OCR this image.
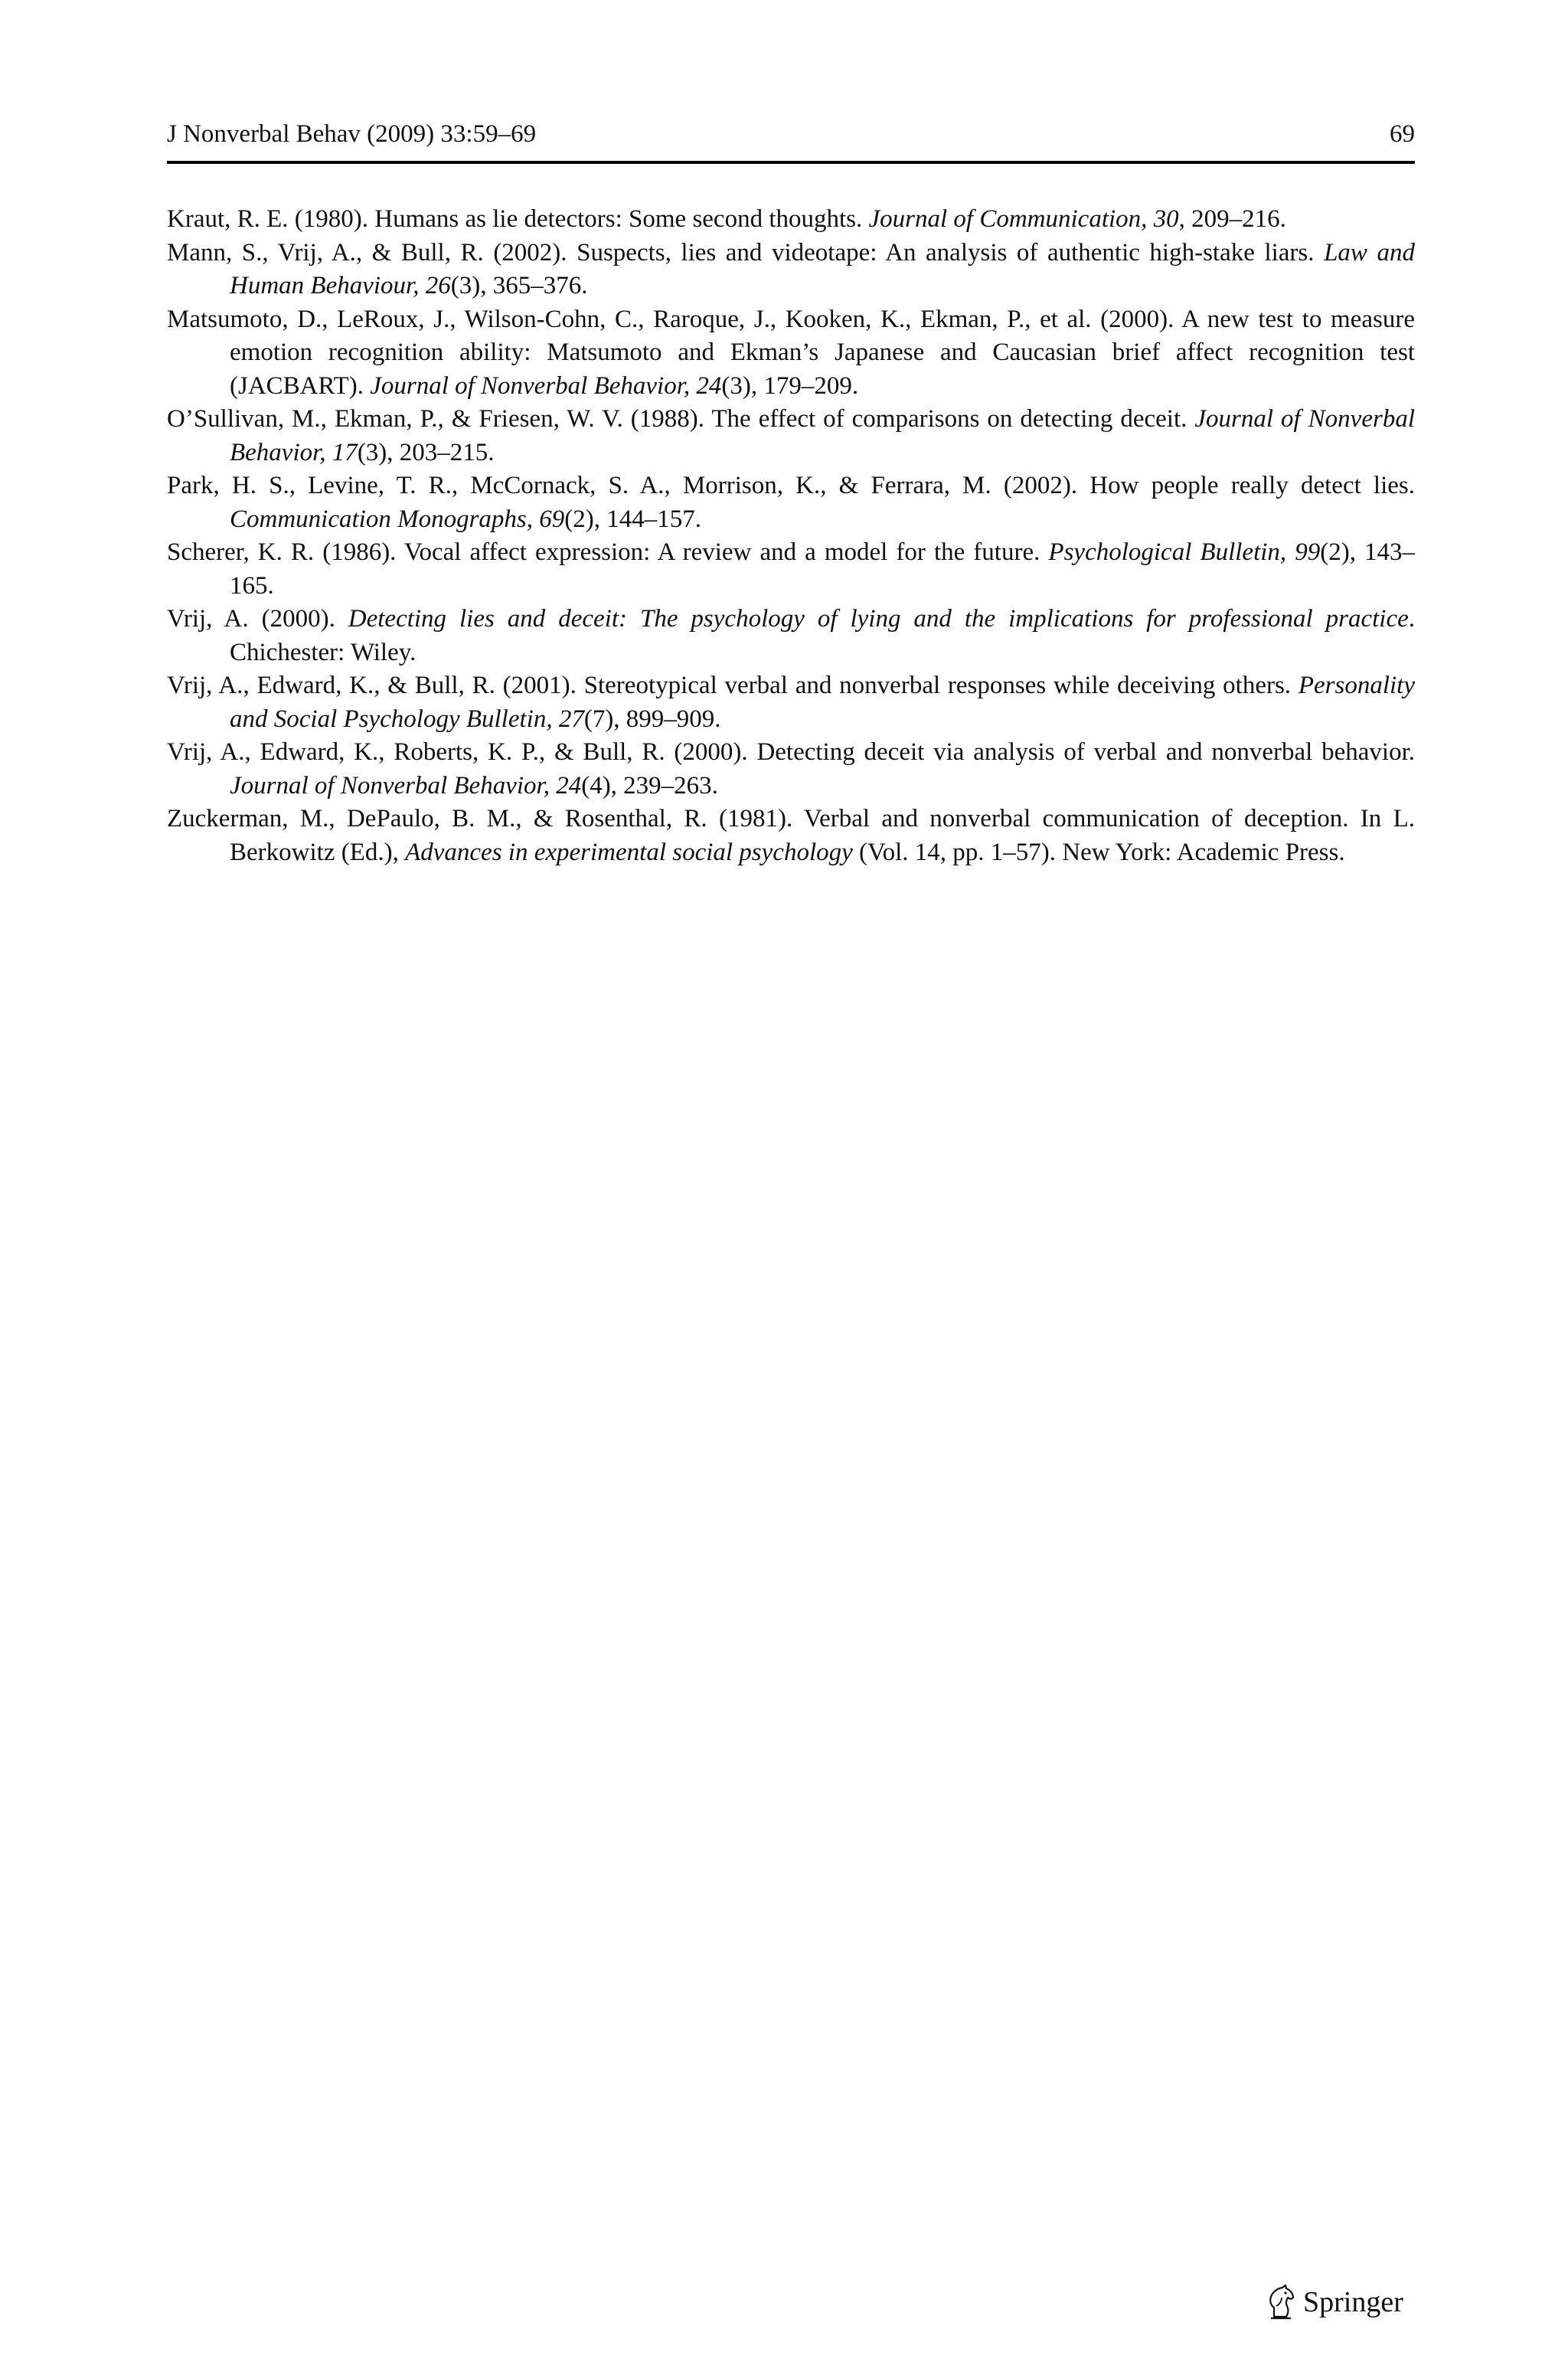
J Nonverbal Behav (2009) 33:59–69	69
Kraut, R. E. (1980). Humans as lie detectors: Some second thoughts. Journal of Communication, 30, 209–216.
Mann, S., Vrij, A., & Bull, R. (2002). Suspects, lies and videotape: An analysis of authentic high-stake liars. Law and Human Behaviour, 26(3), 365–376.
Matsumoto, D., LeRoux, J., Wilson-Cohn, C., Raroque, J., Kooken, K., Ekman, P., et al. (2000). A new test to measure emotion recognition ability: Matsumoto and Ekman’s Japanese and Caucasian brief affect recognition test (JACBART). Journal of Nonverbal Behavior, 24(3), 179–209.
O’Sullivan, M., Ekman, P., & Friesen, W. V. (1988). The effect of comparisons on detecting deceit. Journal of Nonverbal Behavior, 17(3), 203–215.
Park, H. S., Levine, T. R., McCornack, S. A., Morrison, K., & Ferrara, M. (2002). How people really detect lies. Communication Monographs, 69(2), 144–157.
Scherer, K. R. (1986). Vocal affect expression: A review and a model for the future. Psychological Bulletin, 99(2), 143–165.
Vrij, A. (2000). Detecting lies and deceit: The psychology of lying and the implications for professional practice. Chichester: Wiley.
Vrij, A., Edward, K., & Bull, R. (2001). Stereotypical verbal and nonverbal responses while deceiving others. Personality and Social Psychology Bulletin, 27(7), 899–909.
Vrij, A., Edward, K., Roberts, K. P., & Bull, R. (2000). Detecting deceit via analysis of verbal and nonverbal behavior. Journal of Nonverbal Behavior, 24(4), 239–263.
Zuckerman, M., DePaulo, B. M., & Rosenthal, R. (1981). Verbal and nonverbal communication of deception. In L. Berkowitz (Ed.), Advances in experimental social psychology (Vol. 14, pp. 1–57). New York: Academic Press.
Springer
